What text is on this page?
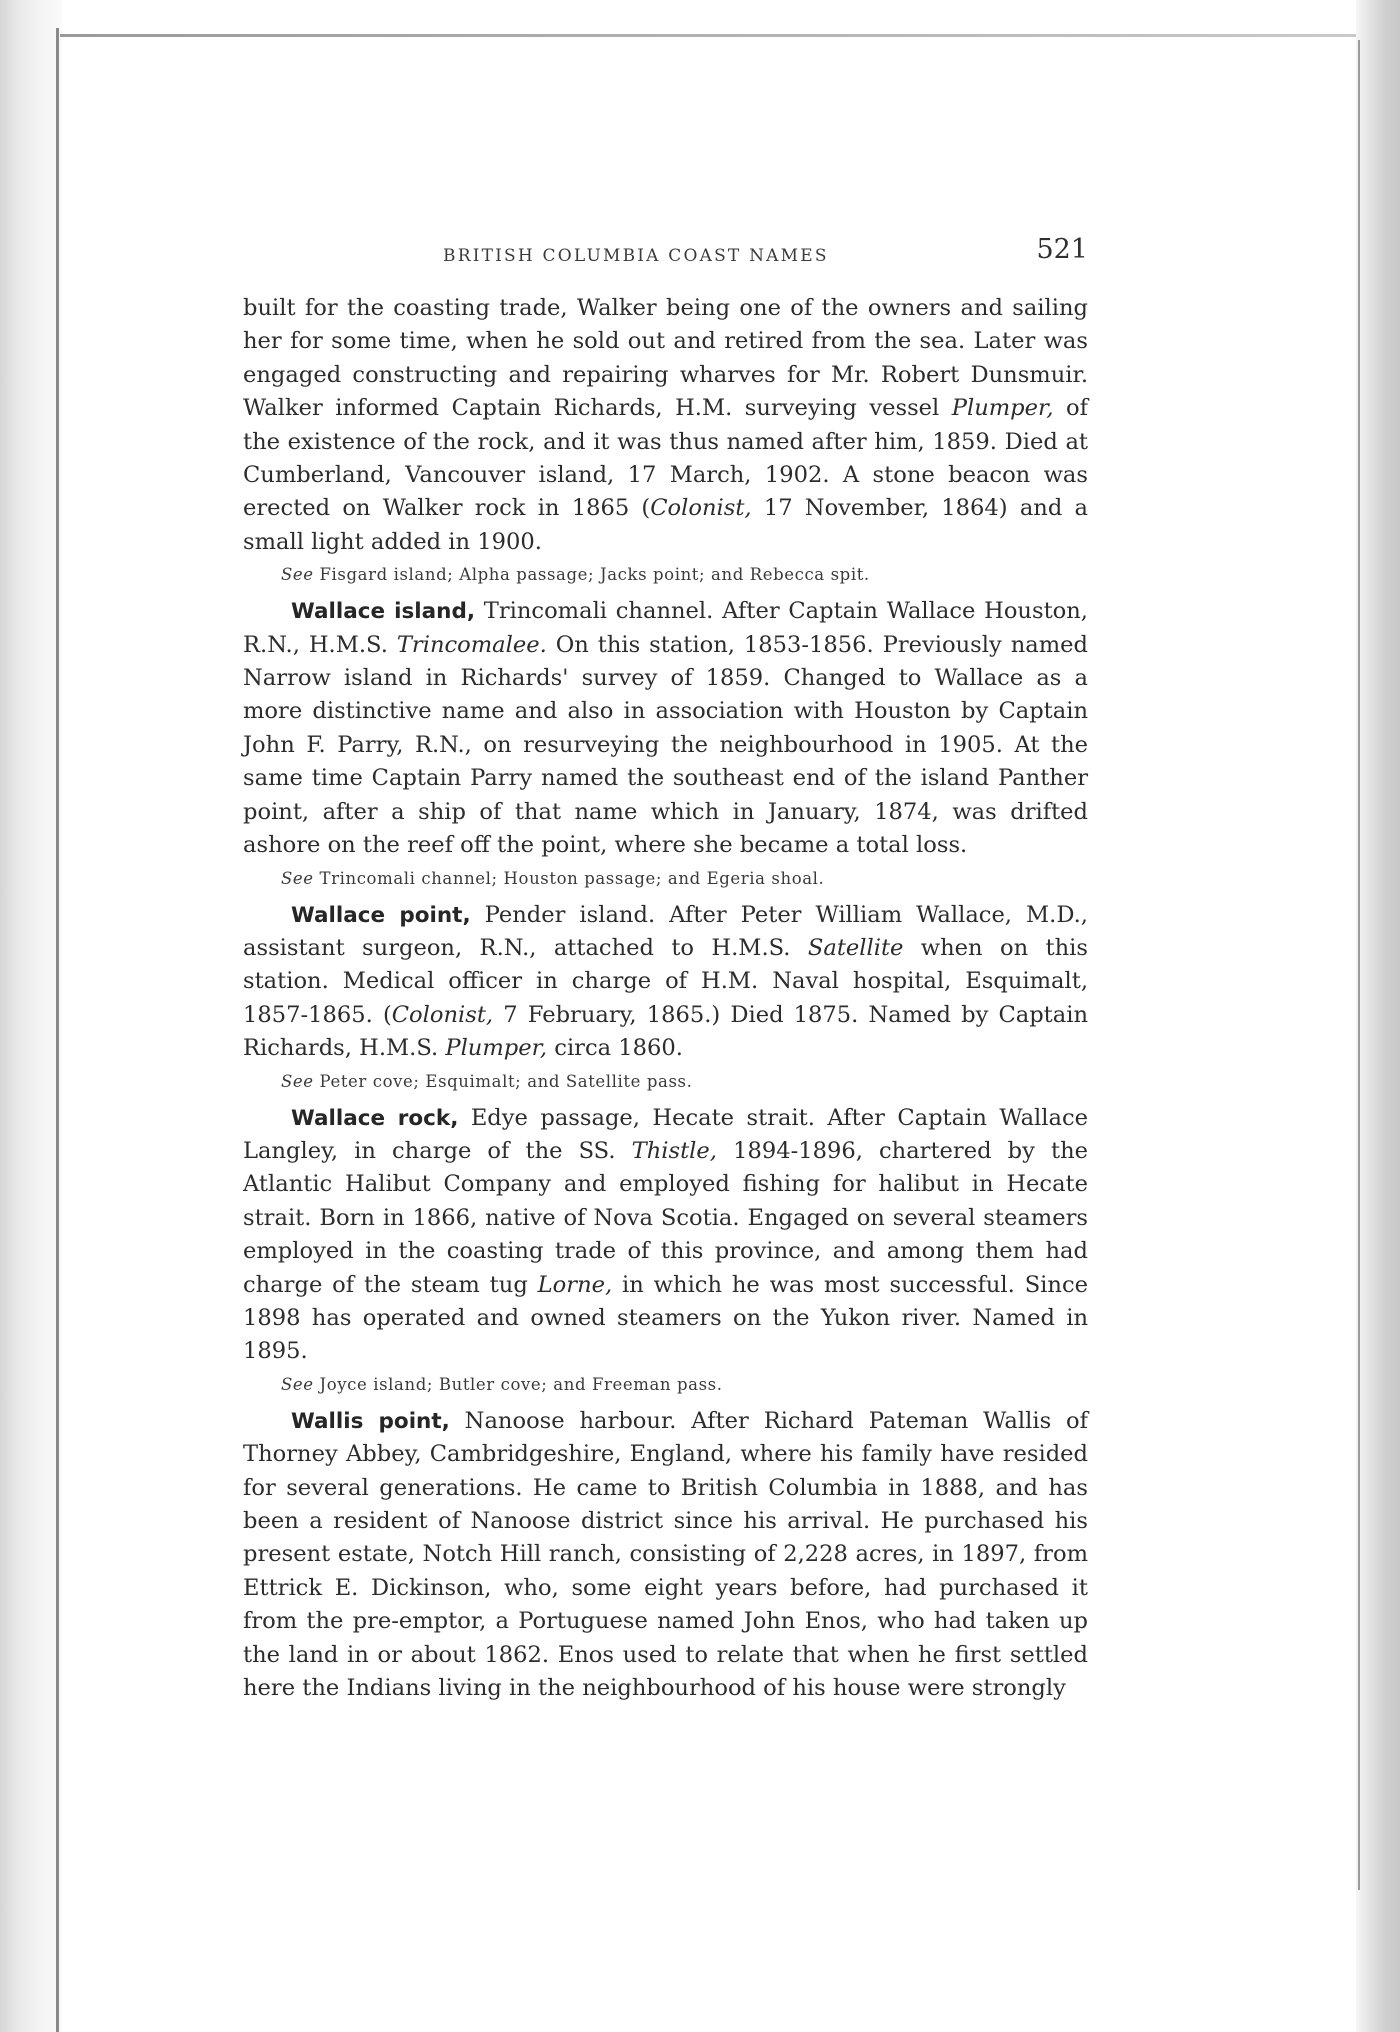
BRITISH COLUMBIA COAST NAMES	521

built for the coasting trade, Walker being one of the owners and sailing her for some time, when he sold out and retired from the sea. Later was engaged constructing and repairing wharves for Mr. Robert Dunsmuir. Walker informed Captain Richards, H.M. surveying vessel Plumper, of the existence of the rock, and it was thus named after him, 1859. Died at Cumberland, Vancouver island, 17 March, 1902. A stone beacon was erected on Walker rock in 1865 (Colonist, 17 November, 1864) and a small light added in 1900.

See Fisgard island; Alpha passage; Jacks point; and Rebecca spit.

Wallace island, Trincomali channel. After Captain Wallace Houston, R.N., H.M.S. Trincomalee. On this station, 1853-1856. Previously named Narrow island in Richards' survey of 1859. Changed to Wallace as a more distinctive name and also in association with Houston by Captain John F. Parry, R.N., on resurveying the neighbourhood in 1905. At the same time Captain Parry named the southeast end of the island Panther point, after a ship of that name which in January, 1874, was drifted ashore on the reef off the point, where she became a total loss.

See Trincomali channel; Houston passage; and Egeria shoal.

Wallace point, Pender island. After Peter William Wallace, M.D., assistant surgeon, R.N., attached to H.M.S. Satellite when on this station. Medical officer in charge of H.M. Naval hospital, Esquimalt, 1857-1865. (Colonist, 7 February, 1865.) Died 1875. Named by Captain Richards, H.M.S. Plumper, circa 1860.

See Peter cove; Esquimalt; and Satellite pass.

Wallace rock, Edye passage, Hecate strait. After Captain Wallace Langley, in charge of the SS. Thistle, 1894-1896, chartered by the Atlantic Halibut Company and employed fishing for halibut in Hecate strait. Born in 1866, native of Nova Scotia. Engaged on several steamers employed in the coasting trade of this province, and among them had charge of the steam tug Lorne, in which he was most successful. Since 1898 has operated and owned steamers on the Yukon river. Named in 1895.

See Joyce island; Butler cove; and Freeman pass.

Wallis point, Nanoose harbour. After Richard Pateman Wallis of Thorney Abbey, Cambridgeshire, England, where his family have resided for several generations. He came to British Columbia in 1888, and has been a resident of Nanoose district since his arrival. He purchased his present estate, Notch Hill ranch, consisting of 2,228 acres, in 1897, from Ettrick E. Dickinson, who, some eight years before, had purchased it from the pre-emptor, a Portuguese named John Enos, who had taken up the land in or about 1862. Enos used to relate that when he first settled here the Indians living in the neighbourhood of his house were strongly
